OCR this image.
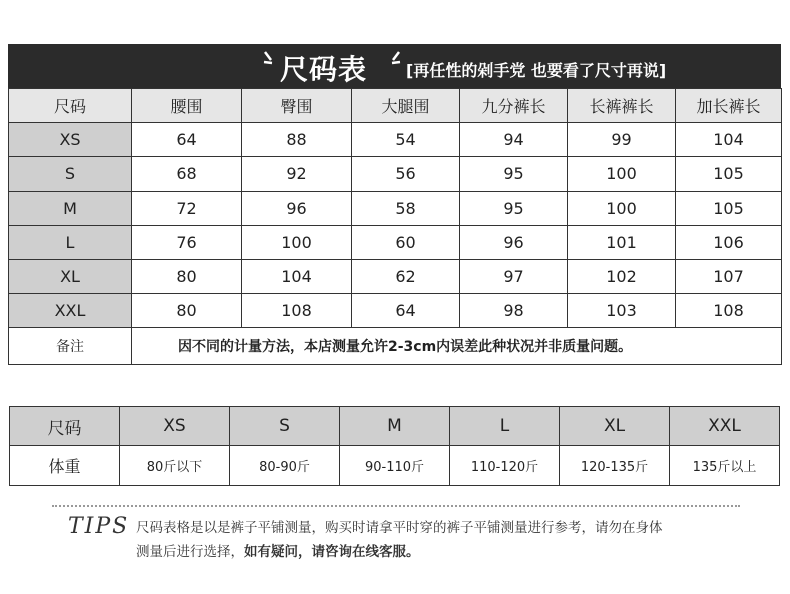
尺码表 [再任性的剁手党 也要看了尺寸再说]
尺码	腰围	臀围	大腿围	九分裤长	长裤裤长	加长裤长
XS	64	88	54	94	99	104
S	68	92	56	95	100	105
M	72	96	58	95	100	105
L	76	100	60	96	101	106
XL	80	104	62	97	102	107
XXL	80	108	64	98	103	108
备注	因不同的计量方法，本店测量允许2-3cm内误差此种状况并非质量问题。					
尺码	XS	S	M	L	XL	XXL
体重	80斤以下	80-90斤	90-110斤	110-120斤	120-135斤	135斤以上
TIPS 尺码表格是以是裤子平铺测量，购买时请拿平时穿的裤子平铺测量进行参考，请勿在身体
测量后进行选择，如有疑问，请咨询在线客服。
